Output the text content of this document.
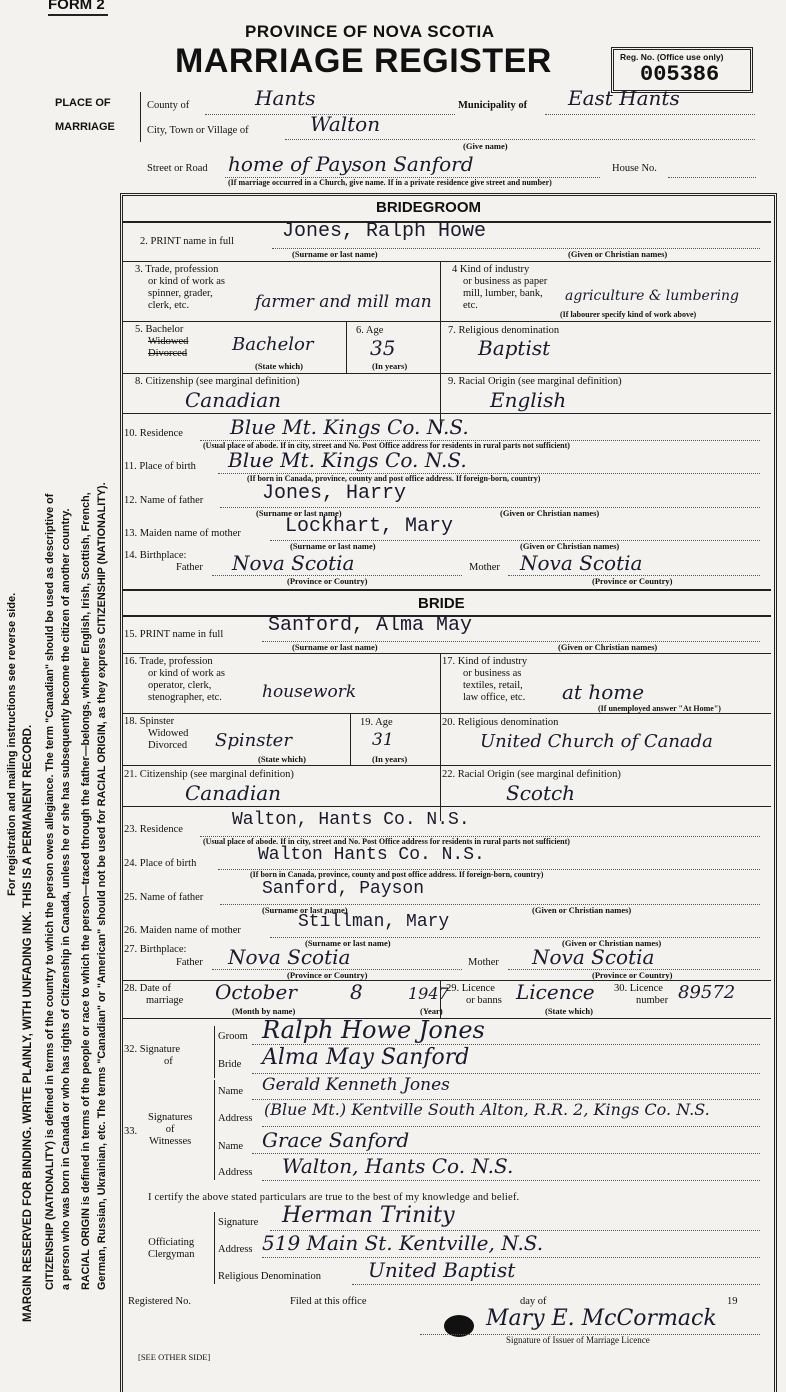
FORM 2
PROVINCE OF NOVA SCOTIA
MARRIAGE REGISTER	Reg. No. (Office use only)
005386
For registration and mailing instructions see reverse side. MARGIN RESERVED FOR BINDING. WRITE PLAINLY, WITH UNFADING INK. THIS IS A PERMANENT RECORD. CITIZENSHIP (NATIONALITY) is defined in terms of the country to which the person owes allegiance. The term "Canadian" should be used as descriptive of a person who was born in Canada or who has rights of Citizenship in Canada, unless he or she has subsequently become the citizen of another country. RACIAL ORIGIN is defined in terms of the people or race to which the person—traced through the father—belongs, whether English, Irish, Scottish, French, German, Russian, Ukrainian, etc. The terms "Canadian" or "American" should not be used for RACIAL ORIGIN, as they express CITIZENSHIP (NATIONALITY).
PLACE OF
MARRIAGE
County of	Hants	Municipality of East Hants
City, Town or Village of	Walton
(Give name)
Street or Road home of Payson Sanford	House No.
(If marriage occurred in a Church, give name. If in a private residence give street and number)
BRIDEGROOM
2. PRINT name in full Jones, Ralph Howe
(Surname or last name)	(Given or Christian names)
3. Trade, profession
or kind of work as
spinner, grader,
clerk, etc.	farmer and mill man
4 Kind of industry
or business as paper
mill, lumber, bank,
etc.
agriculture & lumbering
(If labourer specify kind of work above)
5. Bachelor
Widowed
Divorced Bachelor
(State which)
6. Age
35
(In years)
7. Religious denomination
Baptist
8. Citizenship (see marginal definition)
Canadian
9. Racial Origin (see marginal definition)
English
10. Residence Blue Mt. Kings Co. N.S.
(Usual place of abode. If in city, street and No. Post Office address for residents in rural parts not sufficient)
11. Place of birth Blue Mt. Kings Co. N.S.
(If born in Canada, province, county and post office address. If foreign-born, country)
12. Name of father	Jones, Harry
(Surname or last name)	(Given or Christian names)
13. Maiden name of mother Lockhart, Mary
(Surname or last name)	(Given or Christian names)
14. Birthplace:
Father Nova Scotia	Mother Nova Scotia
(Province or Country)	(Province or Country)
BRIDE
15. PRINT name in full Sanford, Alma May
(Surname or last name)	(Given or Christian names)
16. Trade, profession
or kind of work as
operator, clerk,
stenographer, etc. housework
17. Kind of industry
or business as
textiles, retail,
law office, etc. at home
(If unemployed answer "At Home")
18. Spinster
Widowed
Divorced Spinster
(State which)
19. Age
31
(In years)
20. Religious denomination
United Church of Canada
21. Citizenship (see marginal definition)
Canadian
22. Racial Origin (see marginal definition)
Scotch
23. Residence	Walton, Hants Co. N.S.
(Usual place of abode. If in city, street and No. Post Office address for residents in rural parts not sufficient)
24. Place of birth	Walton Hants Co. N.S.
(If born in Canada, province, county and post office address. If foreign-born, country)
25. Name of father	Sanford, Payson
(Surname or last name)	(Given or Christian names)
26. Maiden name of mother	Stillman, Mary
(Surname or last name)	(Given or Christian names)
27. Birthplace:
Father Nova Scotia	Mother Nova Scotia
(Province or Country)	(Province or Country)
28. Date of
marriage October	8	1947
(Month by name)	(Year)
29. Licence
or banns Licence
(State which)
30. Licence
number 89572
32. Signature
of
Groom Ralph Howe Jones
Bride Alma May Sanford
33.
Signatures
of
Witnesses
Name Gerald Kenneth Jones
Address (Blue Mt.) Kentville South Alton, R.R. 2, Kings Co. N.S.
Name Grace Sanford
Address Walton, Hants Co. N.S.
I certify the above stated particulars are true to the best of my knowledge and belief.
Officiating
Clergyman
Signature Herman Trinity
Address 519 Main St. Kentville, N.S.
Religious Denomination United Baptist
Registered No.	Filed at this office	day of	19
Mary E. McCormack
Signature of Issuer of Marriage Licence
[SEE OTHER SIDE]
